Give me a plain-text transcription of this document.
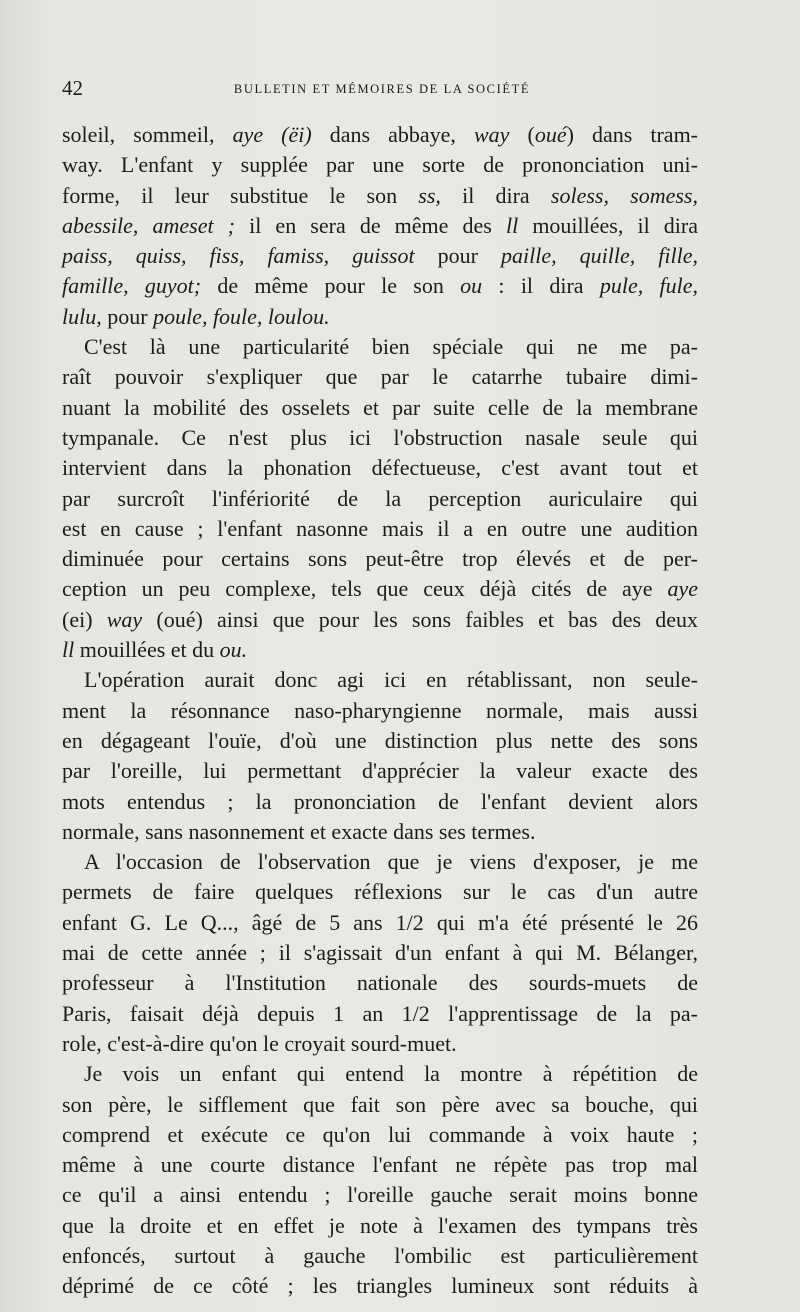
42	BULLETIN ET MÉMOIRES DE LA SOCIÉTÉ
soleil, sommeil, aye (ëi) dans abbaye, way (oué) dans tram-
way. L'enfant y supplée par une sorte de prononciation uni-
forme, il leur substitue le son ss, il dira soless, somess,
abessile, ameset ; il en sera de même des ll mouillées, il dira
paiss, quiss, fiss, famiss, guissot pour paille, quille, fille,
famille, guyot; de même pour le son ou : il dira pule, fule,
lulu, pour poule, foule, loulou.
C'est là une particularité bien spéciale qui ne me pa-
raît pouvoir s'expliquer que par le catarrhe tubaire dimi-
nuant la mobilité des osselets et par suite celle de la membrane
tympanale. Ce n'est plus ici l'obstruction nasale seule qui
intervient dans la phonation défectueuse, c'est avant tout et
par surcroît l'infériorité de la perception auriculaire qui
est en cause ; l'enfant nasonne mais il a en outre une audition
diminuée pour certains sons peut-être trop élevés et de per-
ception un peu complexe, tels que ceux déjà cités de aye aye
(ei) way (oué) ainsi que pour les sons faibles et bas des deux
ll mouillées et du ou.
L'opération aurait donc agi ici en rétablissant, non seule-
ment la résonnance naso-pharyngienne normale, mais aussi
en dégageant l'ouïe, d'où une distinction plus nette des sons
par l'oreille, lui permettant d'apprécier la valeur exacte des
mots entendus ; la prononciation de l'enfant devient alors
normale, sans nasonnement et exacte dans ses termes.
A l'occasion de l'observation que je viens d'exposer, je me
permets de faire quelques réflexions sur le cas d'un autre
enfant G. Le Q..., âgé de 5 ans 1/2 qui m'a été présenté le 26
mai de cette année ; il s'agissait d'un enfant à qui M. Bélanger,
professeur à l'Institution nationale des sourds-muets de
Paris, faisait déjà depuis 1 an 1/2 l'apprentissage de la pa-
role, c'est-à-dire qu'on le croyait sourd-muet.
Je vois un enfant qui entend la montre à répétition de
son père, le sifflement que fait son père avec sa bouche, qui
comprend et exécute ce qu'on lui commande à voix haute ;
même à une courte distance l'enfant ne répète pas trop mal
ce qu'il a ainsi entendu ; l'oreille gauche serait moins bonne
que la droite et en effet je note à l'examen des tympans très
enfoncés, surtout à gauche l'ombilic est particulièrement
déprimé de ce côté ; les triangles lumineux sont réduits à
